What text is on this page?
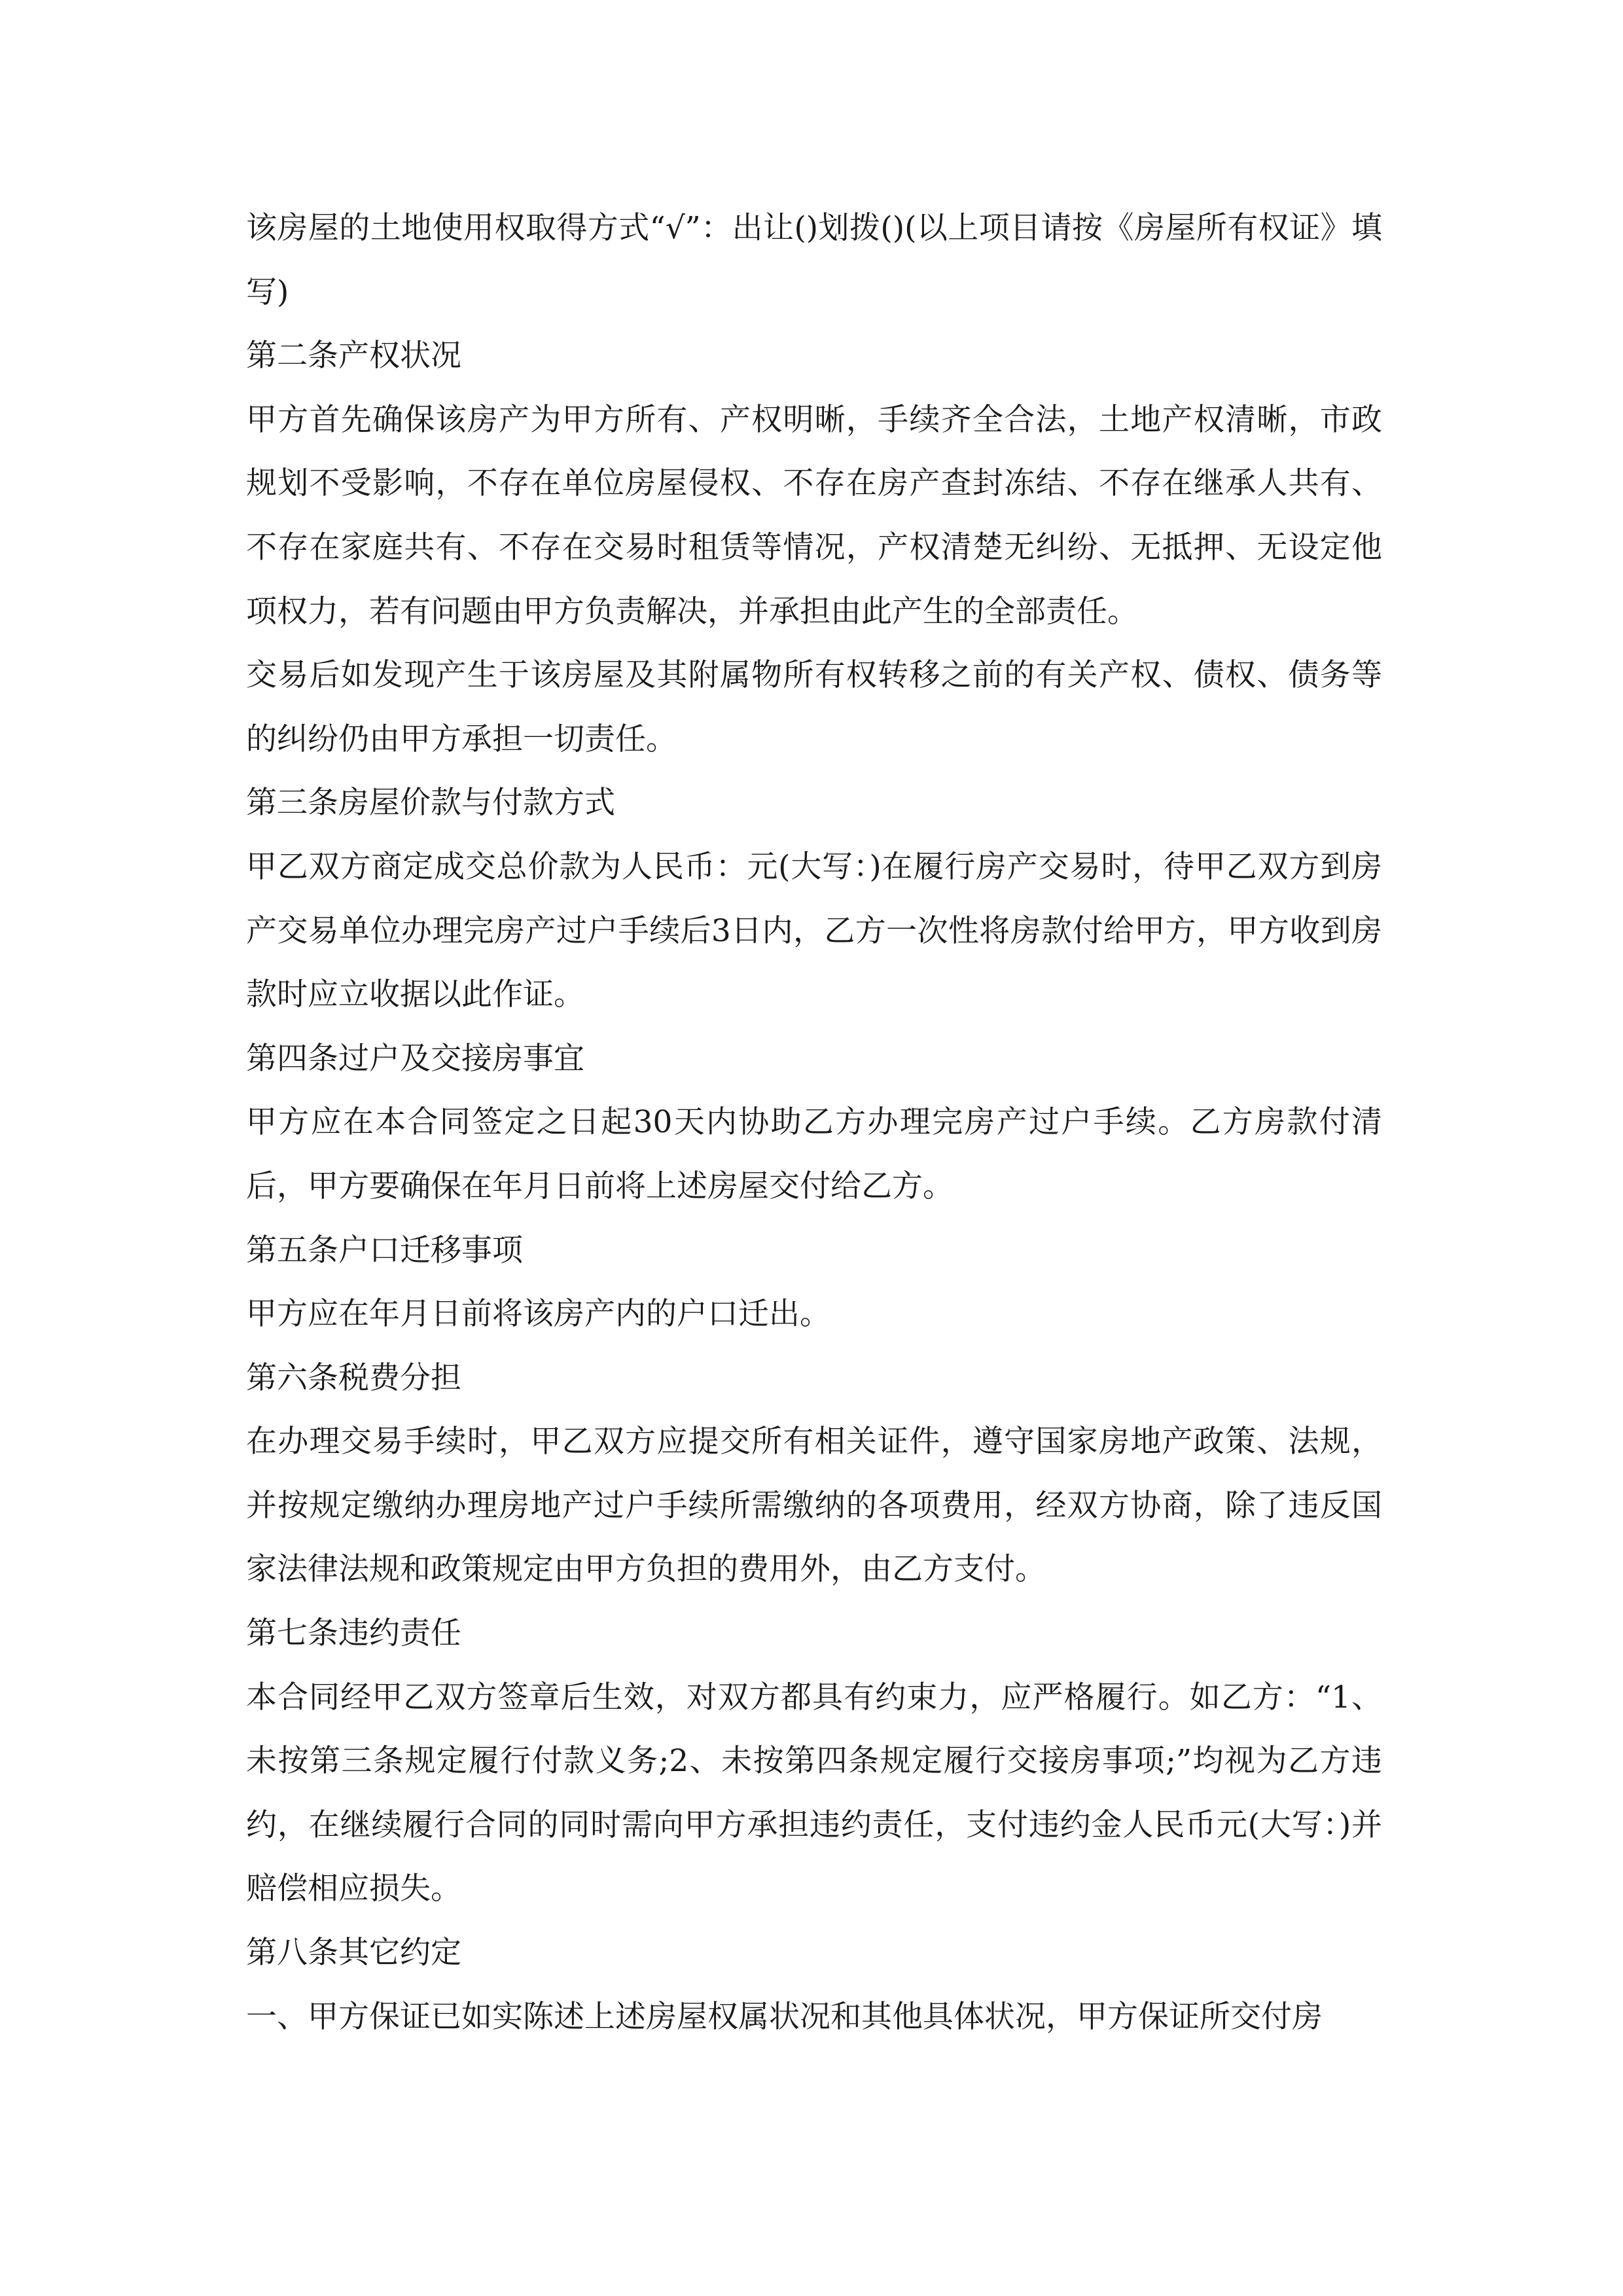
该房屋的土地使用权取得方式“√”：出让()划拨()(以上项目请按《房屋所有权证》填写)

第二条产权状况

甲方首先确保该房产为甲方所有、产权明晰，手续齐全合法，土地产权清晰，市政规划不受影响，不存在单位房屋侵权、不存在房产查封冻结、不存在继承人共有、不存在家庭共有、不存在交易时租赁等情况，产权清楚无纠纷、无抵押、无设定他项权力，若有问题由甲方负责解决，并承担由此产生的全部责任。

交易后如发现产生于该房屋及其附属物所有权转移之前的有关产权、债权、债务等的纠纷仍由甲方承担一切责任。

第三条房屋价款与付款方式

甲乙双方商定成交总价款为人民币：元(大写：)在履行房产交易时，待甲乙双方到房产交易单位办理完房产过户手续后3日内，乙方一次性将房款付给甲方，甲方收到房款时应立收据以此作证。

第四条过户及交接房事宜

甲方应在本合同签定之日起30天内协助乙方办理完房产过户手续。乙方房款付清后，甲方要确保在年月日前将上述房屋交付给乙方。

第五条户口迁移事项

甲方应在年月日前将该房产内的户口迁出。

第六条税费分担

在办理交易手续时，甲乙双方应提交所有相关证件，遵守国家房地产政策、法规，并按规定缴纳办理房地产过户手续所需缴纳的各项费用，经双方协商，除了违反国家法律法规和政策规定由甲方负担的费用外，由乙方支付。

第七条违约责任

本合同经甲乙双方签章后生效，对双方都具有约束力，应严格履行。如乙方：“1、未按第三条规定履行付款义务;2、未按第四条规定履行交接房事项;”均视为乙方违约，在继续履行合同的同时需向甲方承担违约责任，支付违约金人民币元(大写：)并赔偿相应损失。

第八条其它约定

一、甲方保证已如实陈述上述房屋权属状况和其他具体状况，甲方保证所交付房
